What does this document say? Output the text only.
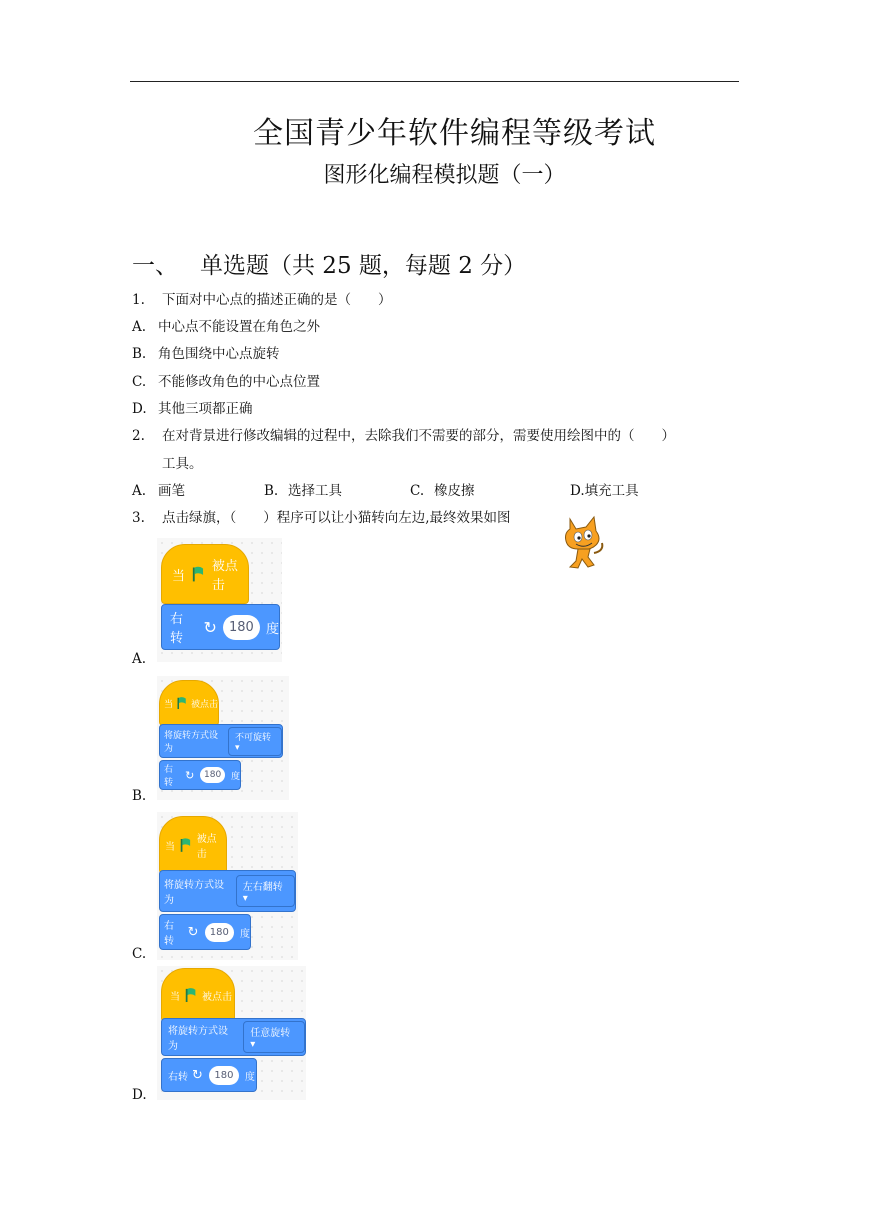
全国青少年软件编程等级考试
图形化编程模拟题（一）
一、 单选题（共 25 题，每题 2 分）
1. 下面对中心点的描述正确的是（　　）
A. 中心点不能设置在角色之外
B. 角色围绕中心点旋转
C. 不能修改角色的中心点位置
D. 其他三项都正确
2. 在对背景进行修改编辑的过程中，去除我们不需要的部分，需要使用绘图中的（　　）
工具。
A. 画笔	B. 选择工具	C. 橡皮擦	D.填充工具
3. 点击绿旗，（　　）程序可以让小猫转向左边,最终效果如图
当
被点击
右转
↻ 180 度
A.
当 被点击
将旋转方式设为
不可旋转 ▾
右转
↻	180	度
B.
当
被点击
将旋转方式设为
左右翻转 ▾
右转
↻	180	度
C.
当 被点击
将旋转方式设为
任意旋转 ▾
右转 ↻	180	度
D.
